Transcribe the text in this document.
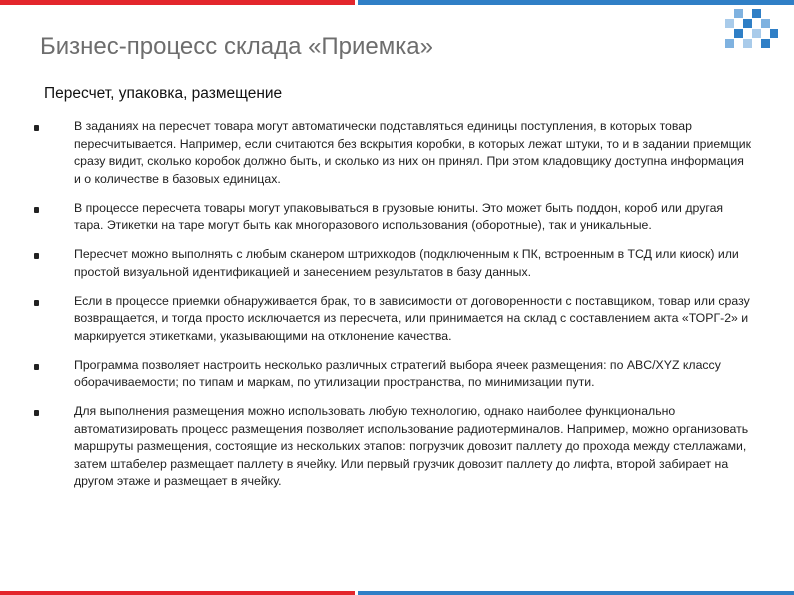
Бизнес-процесс склада «Приемка»
Пересчет, упаковка, размещение
В заданиях на пересчет товара могут автоматически подставляться единицы поступления, в которых товар пересчитывается. Например, если считаются без вскрытия коробки, в которых лежат штуки, то и в задании приемщик сразу видит, сколько коробок должно быть, и сколько из них он принял. При этом кладовщику доступна информация и о количестве в базовых единицах.
В процессе пересчета товары могут упаковываться в грузовые юниты. Это может быть поддон, короб или другая тара. Этикетки на таре могут быть как многоразового использования (оборотные), так и уникальные.
Пересчет можно выполнять с любым сканером штрихкодов (подключенным к ПК, встроенным в ТСД или киоск) или простой визуальной идентификацией и занесением результатов в базу данных.
Если в процессе приемки обнаруживается брак, то в зависимости от договоренности с поставщиком, товар или сразу возвращается, и тогда просто исключается из пересчета, или принимается на склад с составлением акта «ТОРГ-2» и маркируется этикетками, указывающими на отклонение качества.
Программа позволяет настроить несколько различных стратегий выбора ячеек размещения: по ABC/XYZ классу оборачиваемости; по типам и маркам, по утилизации пространства, по минимизации пути.
Для выполнения размещения можно использовать любую технологию, однако наиболее функционально автоматизировать процесс размещения позволяет использование радиотерминалов. Например, можно организовать маршруты размещения, состоящие из нескольких этапов: погрузчик довозит паллету до прохода между стеллажами, затем штабелер размещает паллету в ячейку. Или первый грузчик довозит паллету до лифта, второй забирает на другом этаже и размещает в ячейку.
